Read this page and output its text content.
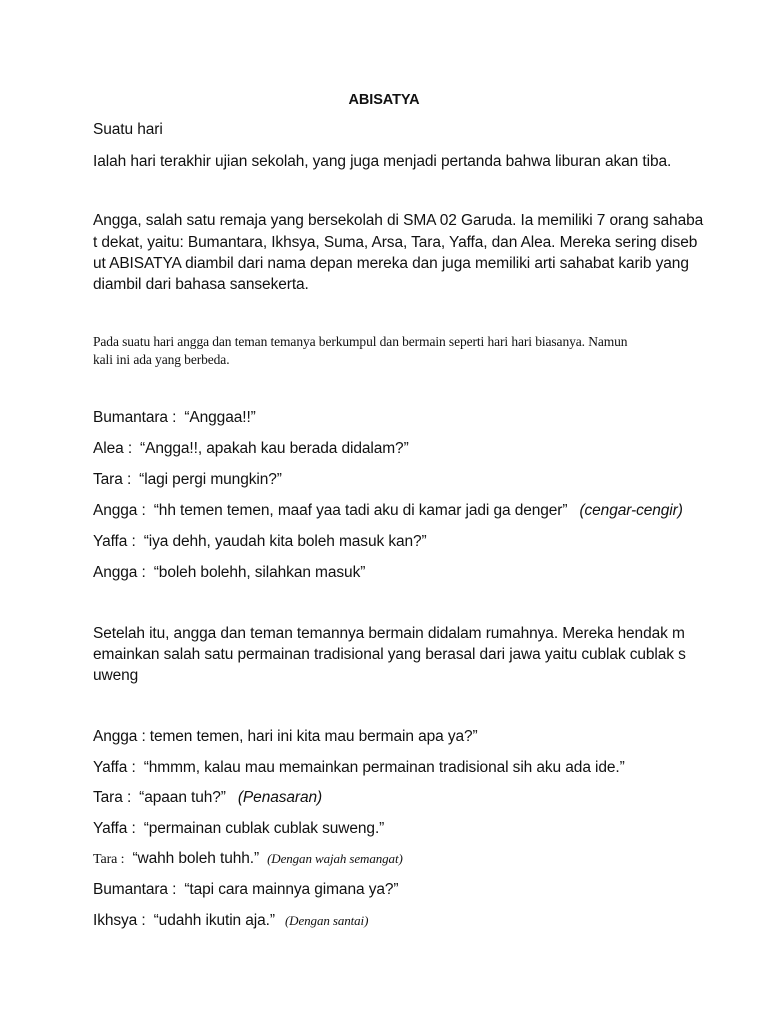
ABISATYA
Suatu hari
Ialah hari terakhir ujian sekolah, yang juga menjadi pertanda bahwa liburan akan tiba.
Angga, salah satu remaja yang bersekolah di SMA 02 Garuda. Ia memiliki 7 orang sahaba
t dekat, yaitu: Bumantara, Ikhsya, Suma, Arsa, Tara, Yaffa, dan Alea. Mereka sering diseb
ut ABISATYA diambil dari nama depan mereka dan juga memiliki arti sahabat karib yang
diambil dari bahasa sansekerta.
Pada suatu hari angga dan teman temanya berkumpul dan bermain seperti hari hari biasanya. Namun
kali ini ada yang berbeda.
Bumantara : “Anggaa!!”
Alea : “Angga!!, apakah kau berada didalam?”
Tara : “lagi pergi mungkin?”
Angga : “hh temen temen, maaf yaa tadi aku di kamar jadi ga denger” (cengar-cengir)
Yaffa : “iya dehh, yaudah kita boleh masuk kan?”
Angga : “boleh bolehh, silahkan masuk”
Setelah itu, angga dan teman temannya bermain didalam rumahnya. Mereka hendak m
emainkan salah satu permainan tradisional yang berasal dari jawa yaitu cublak cublak s
uweng
Angga : temen temen, hari ini kita mau bermain apa ya?”
Yaffa : “hmmm, kalau mau memainkan permainan tradisional sih aku ada ide.”
Tara : “apaan tuh?” (Penasaran)
Yaffa : “permainan cublak cublak suweng.”
Tara : “wahh boleh tuhh.” (Dengan wajah semangat)
Bumantara : “tapi cara mainnya gimana ya?”
Ikhsya : “udahh ikutin aja.” (Dengan santai)
